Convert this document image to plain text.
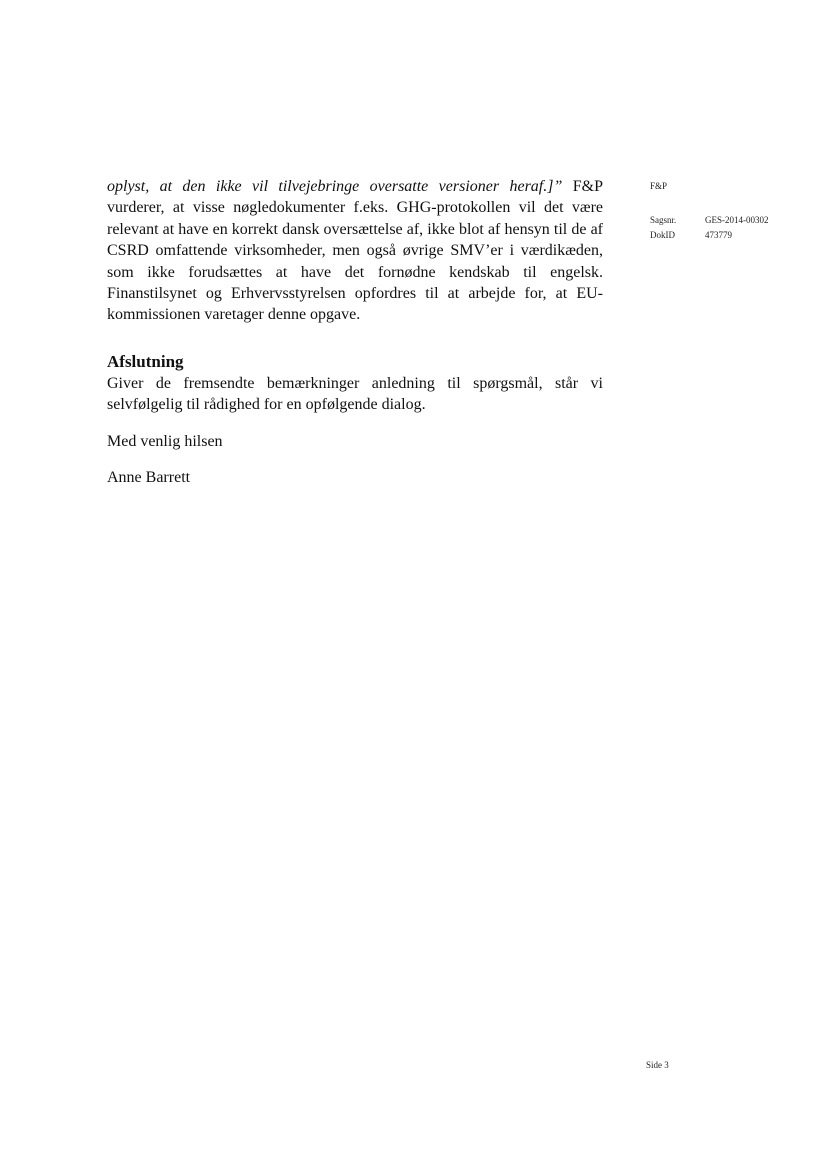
oplyst, at den ikke vil tilvejebringe oversatte versioner heraf.]” F&P vurderer, at visse nøgledokumenter f.eks. GHG-protokollen vil det være relevant at have en korrekt dansk oversættelse af, ikke blot af hensyn til de af CSRD omfattende virksomheder, men også øvrige SMV’er i værdikæden, som ikke forudsættes at have det fornødne kendskab til engelsk. Finanstilsynet og Erhvervsstyrelsen opfordres til at arbejde for, at EU-kommissionen varetager denne opgave.

Afslutning

Giver de fremsendte bemærkninger anledning til spørgsmål, står vi selvfølgelig til rådighed for en opfølgende dialog.

Med venlig hilsen

Anne Barrett

F&P
Sagsnr.	GES-2014-00302
DokID	473779
Side 3
